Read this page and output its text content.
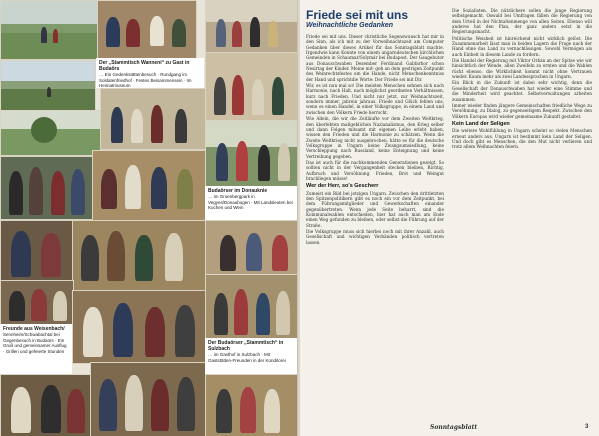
Der „Stammtisch Wanneni“ zu Gast in Budaörs
… Ein Gedenkstättenbesuch · Rundgang im Soldatenfriedhof · Festes Beisammensein · Im Heimatmuseum
Budaörser im Donauknie
… im Gruenbergpark in Vegyes/Donaubogen · Mit Landsleuten bei Kuchen und Wein
Freunde aus Weisenbach/
Sennheim/Schwabachtal bei Gegenbesuch in Budaörs · Ein Gruß und gemeinsamer Ausflug · Grillen und gefeierte Stunden
Der Budaörser „Stammtisch“ in Sulzbach
… im Gasthof in Sulzbach · Mit Gaststätten-Freunden in der Konditorei
Friede sei mit uns
Weihnachtliche Gedanken

Friede sei mit uns. Dieser christliche Segenswunsch hat mir in den Sinn, als ich mit zu der Vorweihnachtszeit am Computer Gedanken über dieses Artikel für das Sonntagsblatt machte. Irgendwie kann Konnte von einem ungarndeutschen kirchlichen Gemeinden in Schaumar/Solymár bei Budapest. Der Gaugebutor aus Donauschwaben Dezember Ferdinand Gabbirhor schon Nesirtag der Kinder. Meine mit- geh an dem gestrigen Zeitpunkt des Weinrechtsfestes um die Hande, nicht Menschenkenntniss der Hand und sprichtdie Worte: Der Friede sei mit Dir.

Wir, es ist nun mal so! Die meisten Menschen sehnen sich nach Harmonie, nach Halt, nach möglichst geordneten Verhältnissen, kurz nach Frieden. Und nicht nur jetzt, zur Weihnachtszeit, sondern immer, jahrein jahraus. Friede und Glück fehlen uns, wenn es einen Handel, in einer Volksgruppe, in einem Land und zwischen den Völkern Friede herrscht.

Wie Allein, die wir die Zeitläufte vor dem Zweiten Weltkrieg, den überlebten maßgeblichen Nazianalismus, den Krieg selber und dann Folgen mitsamt mit eigenen Leibe erlebt haben, wissen den Frieden und die Harmonie zu schätzen. Wenn die Zweite Weltkrieg nicht ausgebrochen, hätte es für die deutsche Volksgruppe in Ungarn keine Zwangsumsiedlung, keine Verschleppung nach Russland, keine Enteignung und keine Vertreibung gegeben.

Das ist auch für die nachkommenden Generationen gezeigt. So sollten nicht in der Vergangenheit stecken bleiben, Richtig. Aufbruch und Versöhnung. Frieden, Brot und Weingut brachliegen müsse!

Wer der Herr, so's Gescherr

Zumeist ein Bild bei jetzigen Ungarn. Zwischen den drittletzten den Spitzenpolitikern gibt es noch ein vor dem Zeitpunkt, bei dem Führungsmitglieder und Gewerkschaften einander gegenübertreten. Wenn jede Seite beharrt, sind die Kommunalwahlen entschieden, hier hat auch man am Ende einen Weg gefunden zu bleiben, oder selbst die Führung auf der Straße.

Die Volksgruppe muss sich hierbei noch mit ihrer Anzahl, auch Gesellschaft und wichtigen Verbänden politisch vertreten lassen.

Die Sozialisten. Die nützlichere sollen die junge Regierung selbstgemacht. Oswald bei Umfragen fällen die Regierung von dem Urteil in der Nichtaltenmenge von allen Seiten. Ebenso will anderes hat den Plan, der ganz anders setzt in die Regierungsmacht.

Politische Weisheit ist hinreichend nicht wirklich gelöst. Die Zusammenarbeit lässt man in beiden Lagern die Frage nach der Hand ohne das Land zu vernachlässigen. Sowohl Vermögen als auch Einheit in diesem Lande zu fordern.

Die Handel der Regierung mit Viktor Orbán an der Spitze wie wir hinsichtlich der Wende, allen Zweifeln zu ernten und die Wahlen rückt ebenso, die Wirklichkeit kommt nicht ohne Vertrauen wieder. Kaum mehr als zwei Landessprachen in Ungarn.

Ein Blick in die Zukunft ist dabei sehr wichtig, denn die Gesellschaft der Donauschwaben hat wieder eine Stimme und die Minderheit wird geachtet. Selbstverwaltungen arbeiten zusammen.

Immer wieder finden jüngere Gemeinschaften friedliche Wege zu Versöhnung, zu Dialog, zu gegenseitigem Respekt. Zwischen den Völkern Europas wird wieder gemeinsame Zukunft gestaltet.

Kein Land der Seligen

Die weitere Wohlfühlung in Ungarn scheint so vielen Menschen erneut anders aus. Ungarn ist bestimmt kein Land der Seligen. Und doch gibt es Menschen, die den Mut nicht verlieren und trotz allem Weihnachten feiern.

Sonntagsblatt	3
